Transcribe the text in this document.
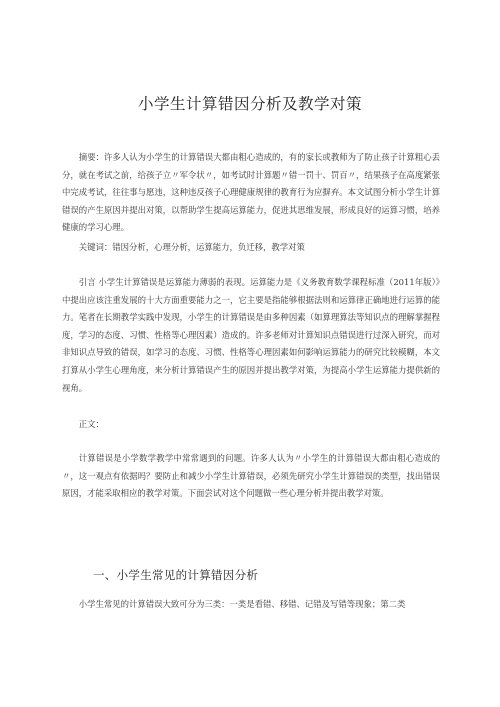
小学生计算错因分析及教学对策

摘要：许多人认为小学生的计算错误大都由粗心造成的，有的家长或教师为了防止孩子计算粗心丢分，就在考试之前，给孩子立〃军令状〃，如考试时计算题〃错一罚十、罚百〃，结果孩子在高度紧张中完成考试，往往事与愿违，这种违反孩子心理健康规律的教育行为应摒弃。本文试图分析小学生计算错误的产生原因并提出对策，以帮助学生提高运算能力，促进其思维发展，形成良好的运算习惯，培养健康的学习心理。

关键词：错因分析，心理分析，运算能力，负迁移，教学对策

引言 小学生计算错误是运算能力薄弱的表现。运算能力是《义务教育数学课程标准（2011年版）》中提出应该注重发展的十大方面重要能力之一，它主要是指能够根据法则和运算律正确地进行运算的能力。笔者在长期教学实践中发现，小学生的计算错误是由多种因素（如算理算法等知识点的理解掌握程度，学习的态度、习惯、性格等心理因素）造成的。许多老师对计算知识点错误进行过深入研究，而对非知识点导致的错误，如学习的态度、习惯、性格等心理因素如何影响运算能力的研究比较模糊，本文打算从小学生心理角度，来分析计算错误产生的原因并提出教学对策，为提高小学生运算能力提供新的视角。

正文：

计算错误是小学数学教学中常常遇到的问题。许多人认为〃小学生的计算错误大都由粗心造成的〃，这一观点有依据吗？要防止和减少小学生计算错误，必须先研究小学生计算错误的类型，找出错误原因，才能采取相应的教学对策。下面尝试对这个问题做一些心理分析并提出教学对策。

一、小学生常见的计算错因分析

小学生常见的计算错误大致可分为三类：一类是看错、移错、记错及写错等现象；第二类
